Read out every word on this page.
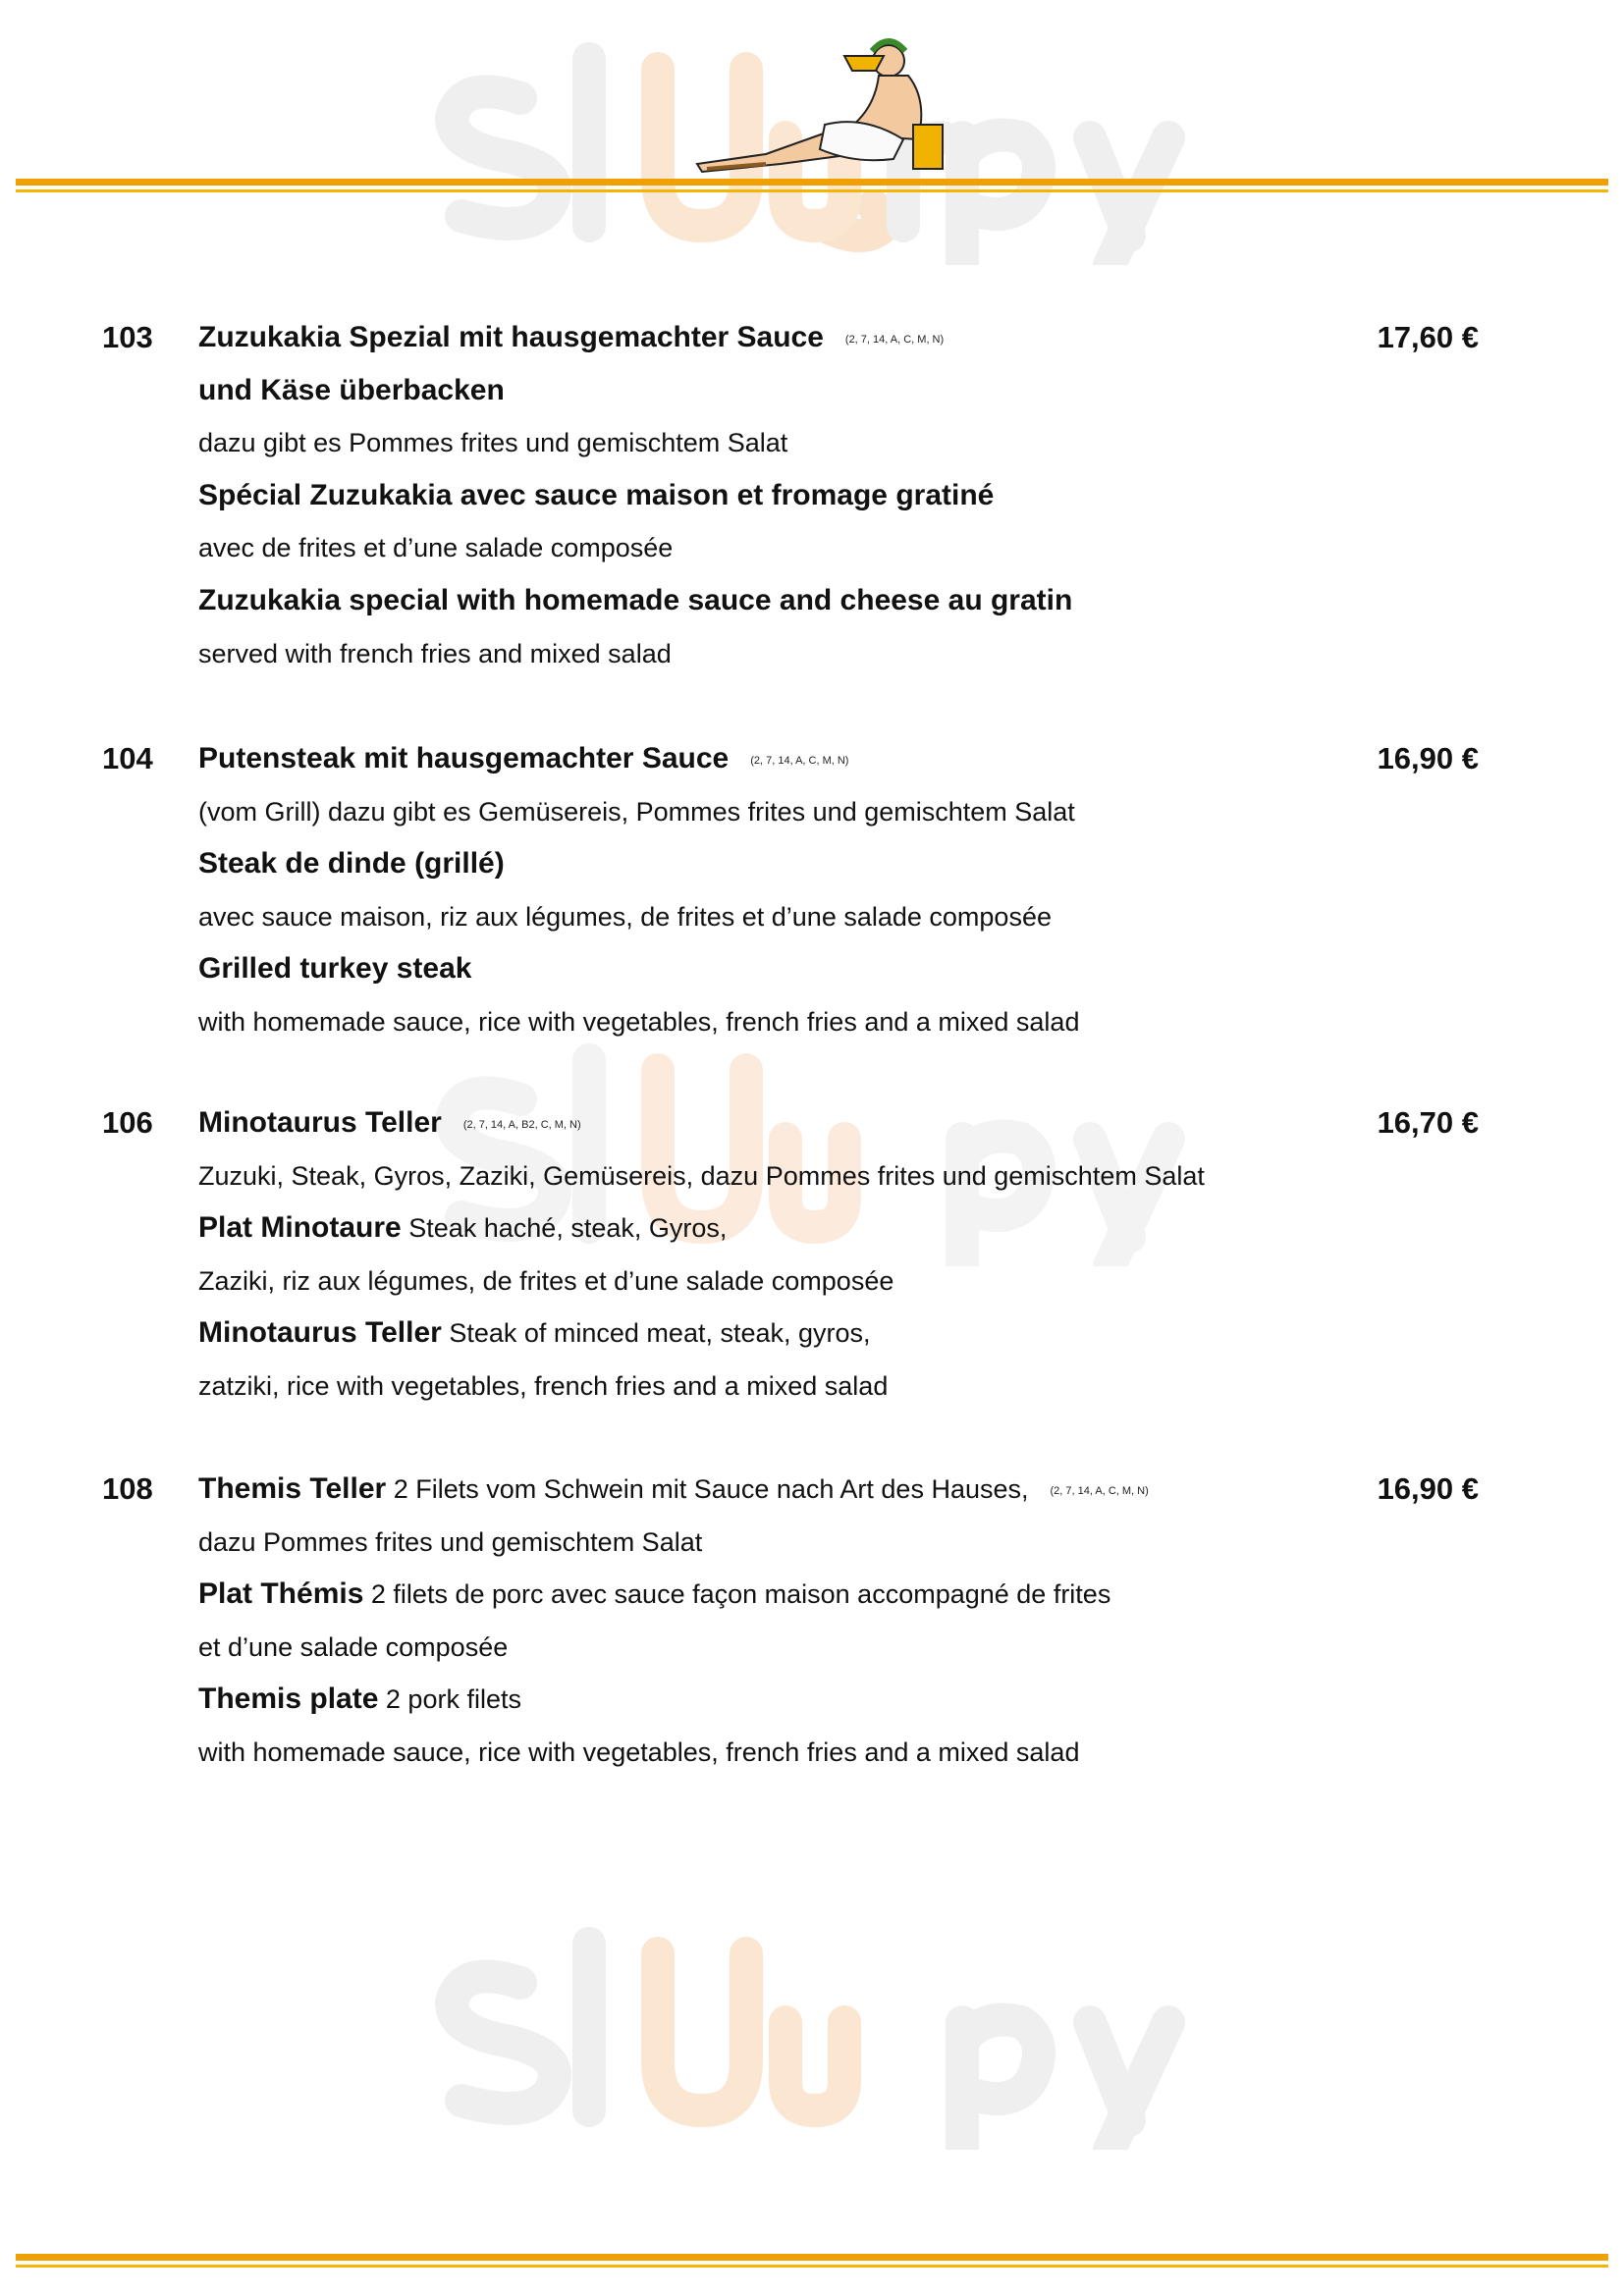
103	17,60 €
Zuzukakia Spezial mit hausgemachter Sauce (2, 7, 14, A, C, M, N)
und Käse überbacken
dazu gibt es Pommes frites und gemischtem Salat
Spécial Zuzukakia avec sauce maison et fromage gratiné
avec de frites et d’une salade composée
Zuzukakia special with homemade sauce and cheese au gratin
served with french fries and mixed salad
104	16,90 €
Putensteak mit hausgemachter Sauce (2, 7, 14, A, C, M, N)
(vom Grill) dazu gibt es Gemüsereis, Pommes frites und gemischtem Salat
Steak de dinde (grillé)
avec sauce maison, riz aux légumes, de frites et d’une salade composée
Grilled turkey steak
with homemade sauce, rice with vegetables, french fries and a mixed salad
106	16,70 €
Minotaurus Teller (2, 7, 14, A, B2, C, M, N)
Zuzuki, Steak, Gyros, Zaziki, Gemüsereis, dazu Pommes frites und gemischtem Salat
Plat Minotaure Steak haché, steak, Gyros,
Zaziki, riz aux légumes, de frites et d’une salade composée
Minotaurus Teller Steak of minced meat, steak, gyros,
zatziki, rice with vegetables, french fries and a mixed salad
108	16,90 €
Themis Teller 2 Filets vom Schwein mit Sauce nach Art des Hauses, (2, 7, 14, A, C, M, N)
dazu Pommes frites und gemischtem Salat
Plat Thémis 2 filets de porc avec sauce façon maison accompagné de frites
et d’une salade composée
Themis plate 2 pork filets
with homemade sauce, rice with vegetables, french fries and a mixed salad
